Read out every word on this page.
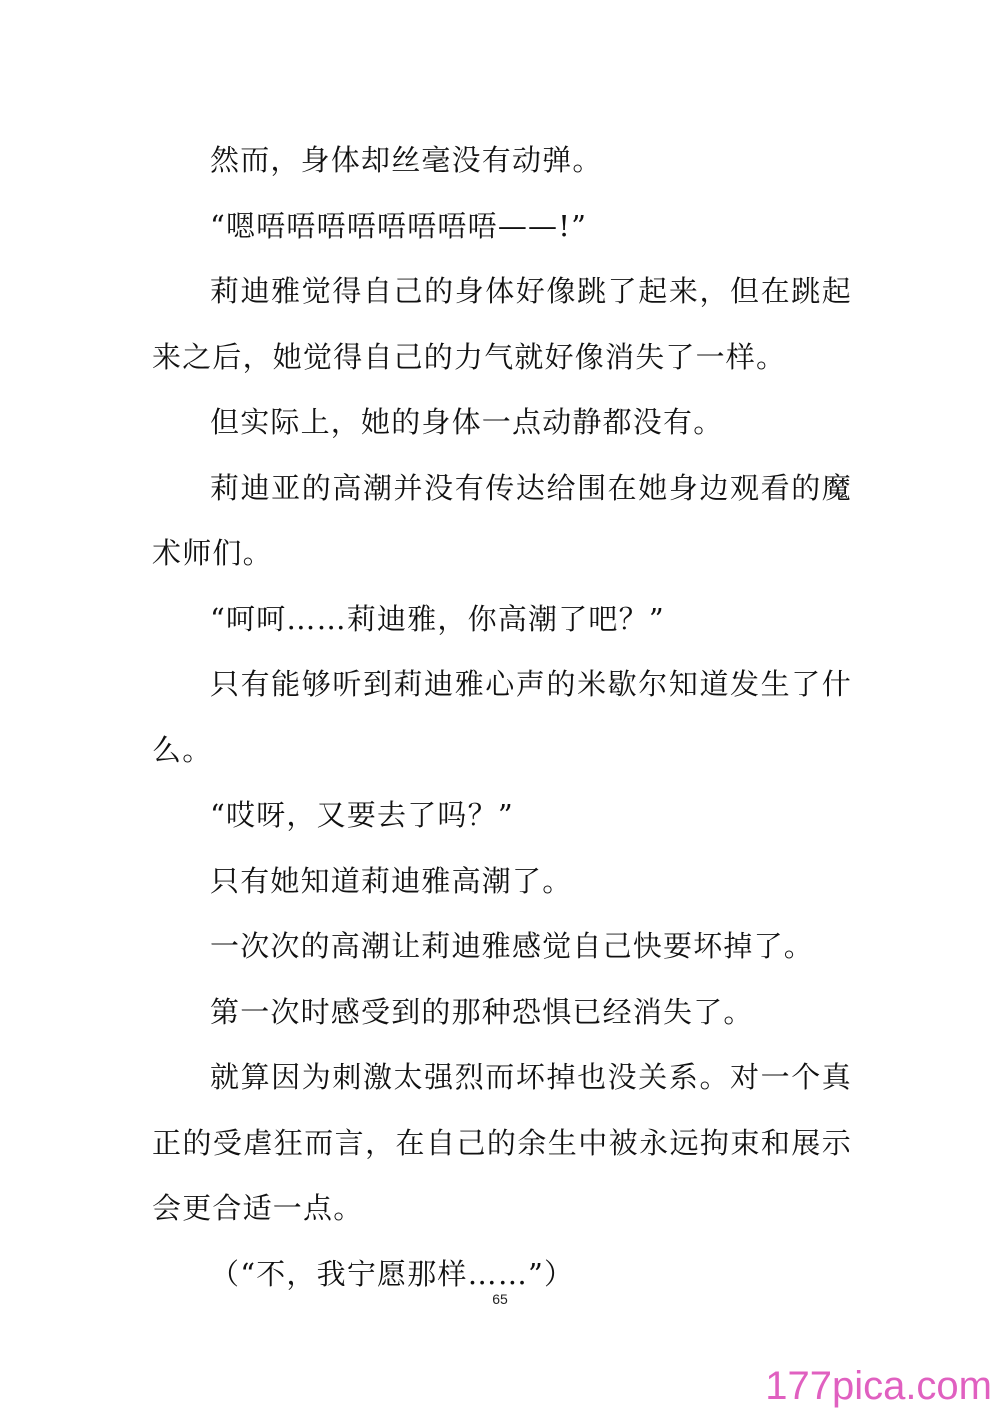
然而，身体却丝毫没有动弹。

“嗯唔唔唔唔唔唔唔唔——!”

莉迪雅觉得自己的身体好像跳了起来，但在跳起来之后，她觉得自己的力气就好像消失了一样。

但实际上，她的身体一点动静都没有。

莉迪亚的高潮并没有传达给围在她身边观看的魔术师们。

“呵呵……莉迪雅，你高潮了吧？”

只有能够听到莉迪雅心声的米歇尔知道发生了什么。

“哎呀，又要去了吗？”

只有她知道莉迪雅高潮了。

一次次的高潮让莉迪雅感觉自己快要坏掉了。

第一次时感受到的那种恐惧已经消失了。

就算因为刺激太强烈而坏掉也没关系。对一个真正的受虐狂而言，在自己的余生中被永远拘束和展示会更合适一点。

（“不，我宁愿那样……”）

65
177pica.com
